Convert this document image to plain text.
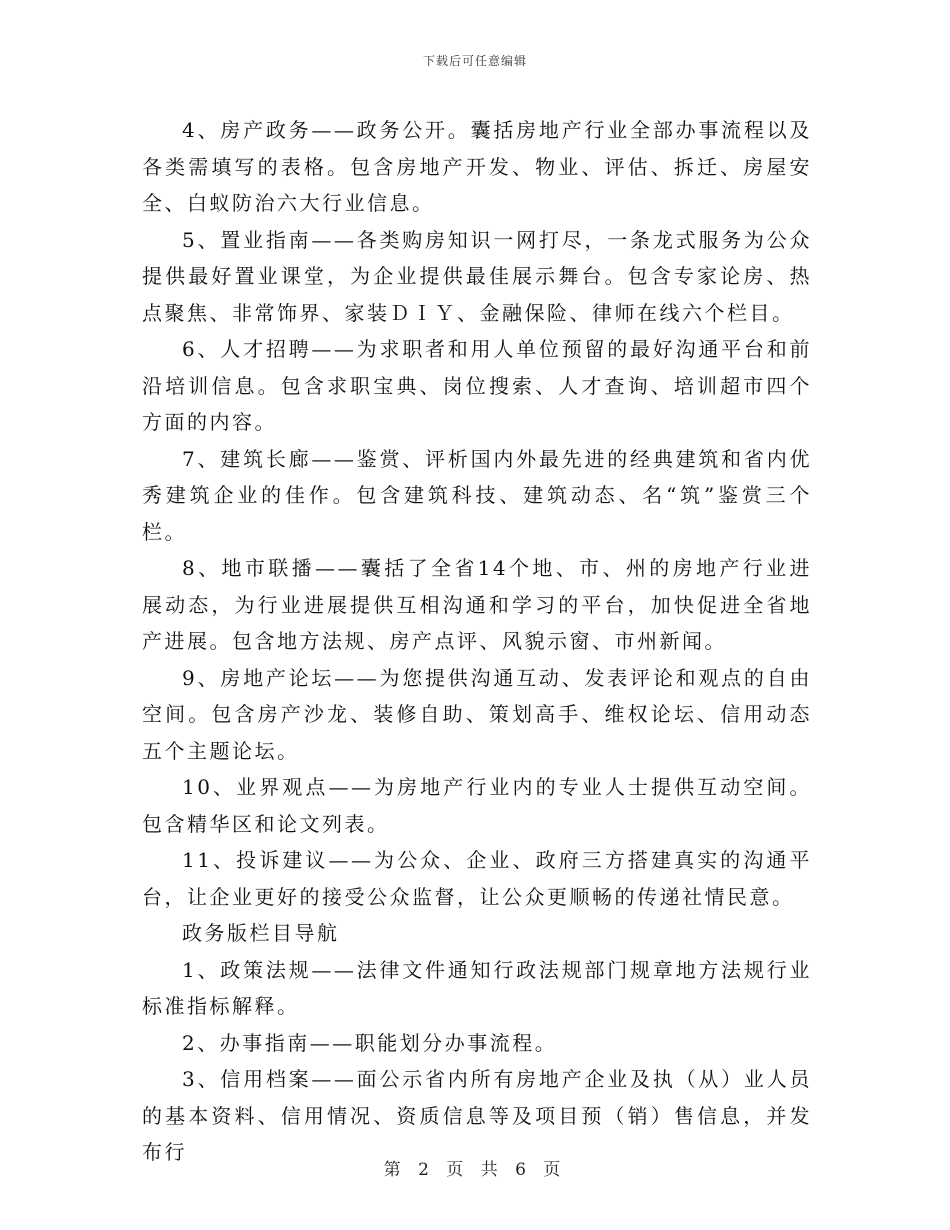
下载后可任意编辑

4、房产政务——政务公开。囊括房地产行业全部办事流程以及各类需填写的表格。包含房地产开发、物业、评估、拆迁、房屋安全、白蚁防治六大行业信息。

5、置业指南——各类购房知识一网打尽，一条龙式服务为公众提供最好置业课堂，为企业提供最佳展示舞台。包含专家论房、热点聚焦、非常饰界、家装ＤＩＹ、金融保险、律师在线六个栏目。

6、人才招聘——为求职者和用人单位预留的最好沟通平台和前沿培训信息。包含求职宝典、岗位搜索、人才查询、培训超市四个方面的内容。

7、建筑长廊——鉴赏、评析国内外最先进的经典建筑和省内优秀建筑企业的佳作。包含建筑科技、建筑动态、名“筑”鉴赏三个栏。

8、地市联播——囊括了全省14个地、市、州的房地产行业进展动态，为行业进展提供互相沟通和学习的平台，加快促进全省地产进展。包含地方法规、房产点评、风貌示窗、市州新闻。

9、房地产论坛——为您提供沟通互动、发表评论和观点的自由空间。包含房产沙龙、装修自助、策划高手、维权论坛、信用动态五个主题论坛。

10、业界观点——为房地产行业内的专业人士提供互动空间。包含精华区和论文列表。

11、投诉建议——为公众、企业、政府三方搭建真实的沟通平台，让企业更好的接受公众监督，让公众更顺畅的传递社情民意。

政务版栏目导航

1、政策法规——法律文件通知行政法规部门规章地方法规行业标准指标解释。

2、办事指南——职能划分办事流程。

3、信用档案——面公示省内所有房地产企业及执（从）业人员的基本资料、信用情况、资质信息等及项目预（销）售信息，并发布行

第 2 页 共 6 页
